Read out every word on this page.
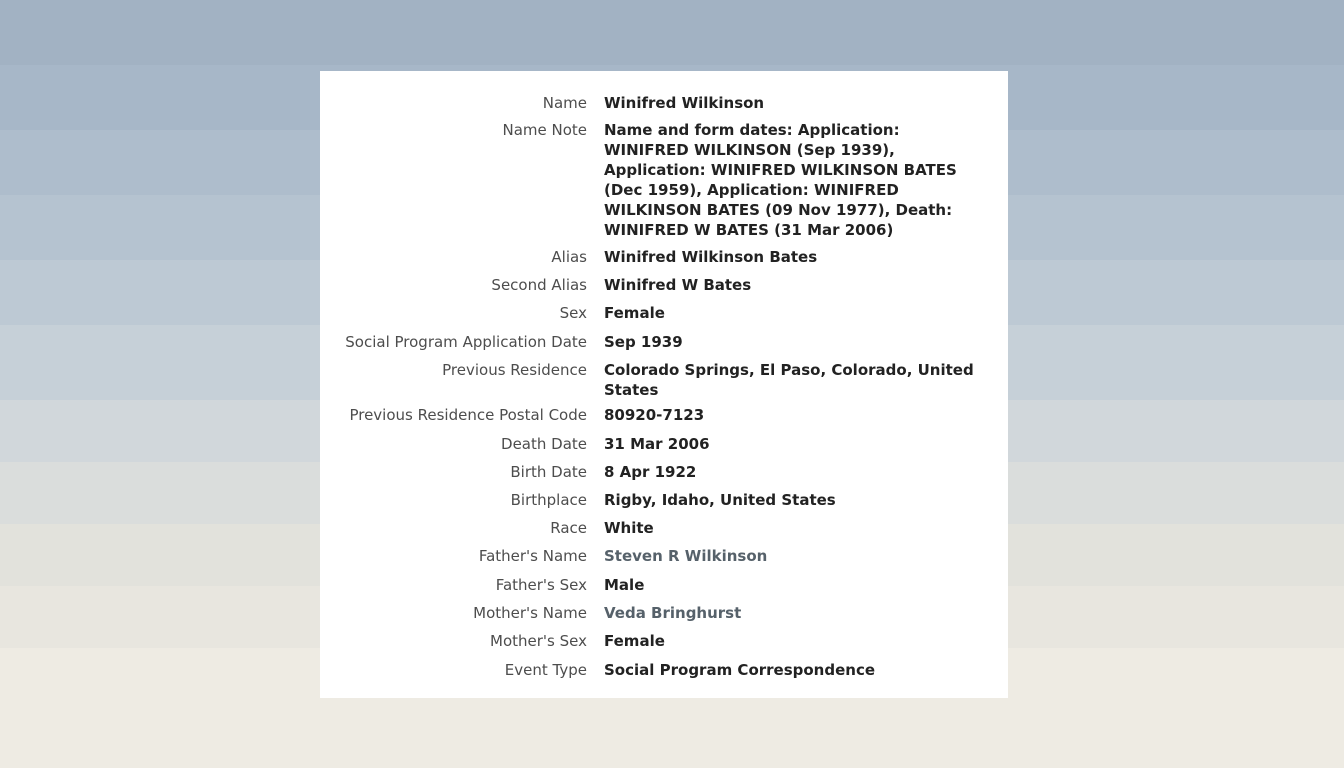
Name Winifred Wilkinson
Name Note Name and form dates: Application: WINIFRED WILKINSON (Sep 1939), Application: WINIFRED WILKINSON BATES (Dec 1959), Application: WINIFRED WILKINSON BATES (09 Nov 1977), Death: WINIFRED W BATES (31 Mar 2006)
Alias Winifred Wilkinson Bates
Second Alias Winifred W Bates
Sex Female
Social Program Application Date Sep 1939
Previous Residence Colorado Springs, El Paso, Colorado, United States
Previous Residence Postal Code 80920-7123
Death Date 31 Mar 2006
Birth Date 8 Apr 1922
Birthplace Rigby, Idaho, United States
Race White
Father's Name Steven R Wilkinson
Father's Sex Male
Mother's Name Veda Bringhurst
Mother's Sex Female
Event Type Social Program Correspondence
